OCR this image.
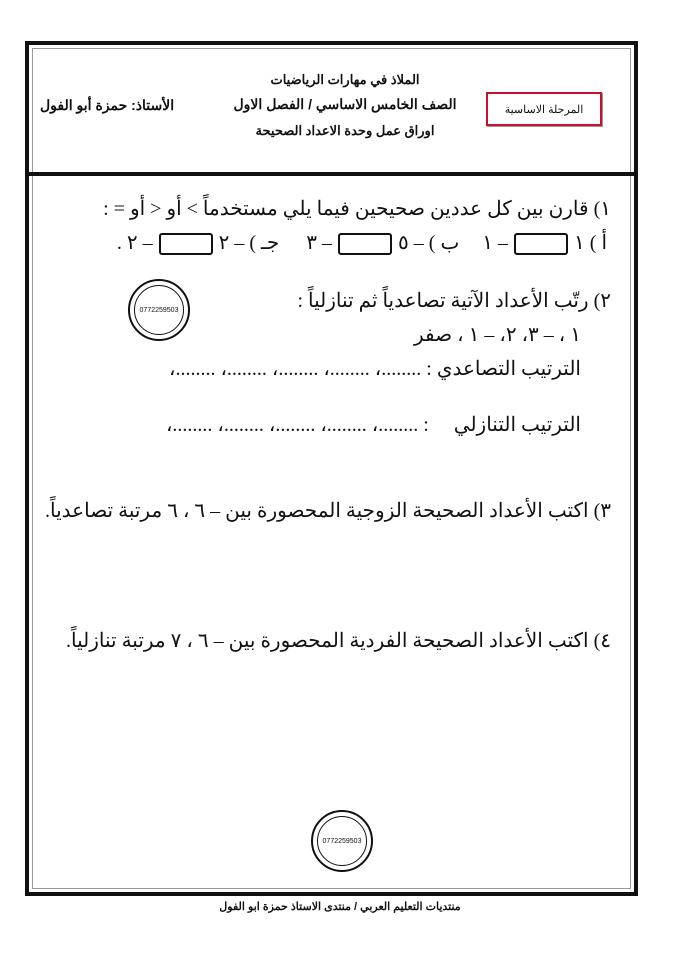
الملاذ في مهارات الرياضيات
الصف الخامس الاساسي / الفصل الاول
اوراق عمل وحدة الاعداد الصحيحة
الأستاذ: حمزة أبو الفول	المرحلة الاساسية
١) قارن بين كل عددين صحيحين فيما يلي مستخدماً > أو < أو = :
أ ) ١– ١ ب ) – ٥– ٣ جـ ) – ٢– ٢ .
٢) رتّب الأعداد الآتية تصاعدياً ثم تنازلياً :
١ ، – ٣، ٢، – ١ ، صفر
الترتيب التصاعدي : ........، ........، ........، ........، ........،
الترتيب التنازلي     : ........، ........، ........، ........، ........،
0772259503
٣) اكتب الأعداد الصحيحة الزوجية المحصورة بين – ٦ ، ٦ مرتبة تصاعدياً.
٤) اكتب الأعداد الصحيحة الفردية المحصورة بين – ٦ ، ٧ مرتبة تنازلياً.
0772259503
منتديات التعليم العربي / منتدى الاستاذ حمزة ابو الفول
